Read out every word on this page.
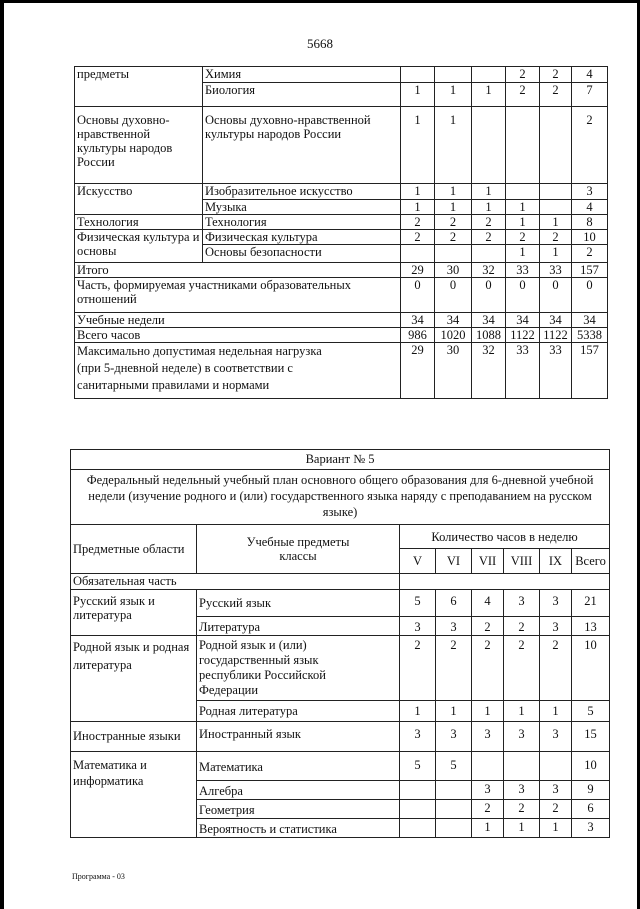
5668
предметы	Химия				2	2	4
	Биология	1	1	1	2	2	7
Основы духовно-нравственной культуры народов России	Основы духовно-нравственной культуры народов России	1	1				2
Искусство	Изобразительное искусство	1	1	1			3
	Музыка	1	1	1	1		4
Технология	Технология	2	2	2	1	1	8
Физическая культура и основы	Физическая культура	2	2	2	2	2	10
	Основы безопасности				1	1	2
Итого		29	30	32	33	33	157
Часть, формируемая участниками образовательных отношений		0	0	0	0	0	0
Учебные недели		34	34	34	34	34	34
Всего часов		986	1020	1088	1122	1122	5338
Максимально допустимая недельная нагрузка (при 5-дневной неделе) в соответствии с санитарными правилами и нормами		29	30	32	33	33	157
Вариант № 5							
Федеральный недельный учебный план основного общего образования для 6-дневной учебной недели (изучение родного и (или) государственного языка наряду с преподаванием на русском языке)							
Предметные области	Учебные предметы классы	Количество часов в неделю					
		V	VI	VII	VIII	IX	Всего
Обязательная часть							
Русский язык и литература	Русский язык	5	6	4	3	3	21
	Литература	3	3	2	2	3	13
Родной язык и родная литература	Родной язык и (или) государственный язык республики Российской Федерации	2	2	2	2	2	10
	Родная литература	1	1	1	1	1	5
Иностранные языки	Иностранный язык	3	3	3	3	3	15
Математика и информатика	Математика	5	5				10
	Алгебра			3	3	3	9
	Геометрия			2	2	2	6
	Вероятность и статистика			1	1	1	3
Программа - 03
